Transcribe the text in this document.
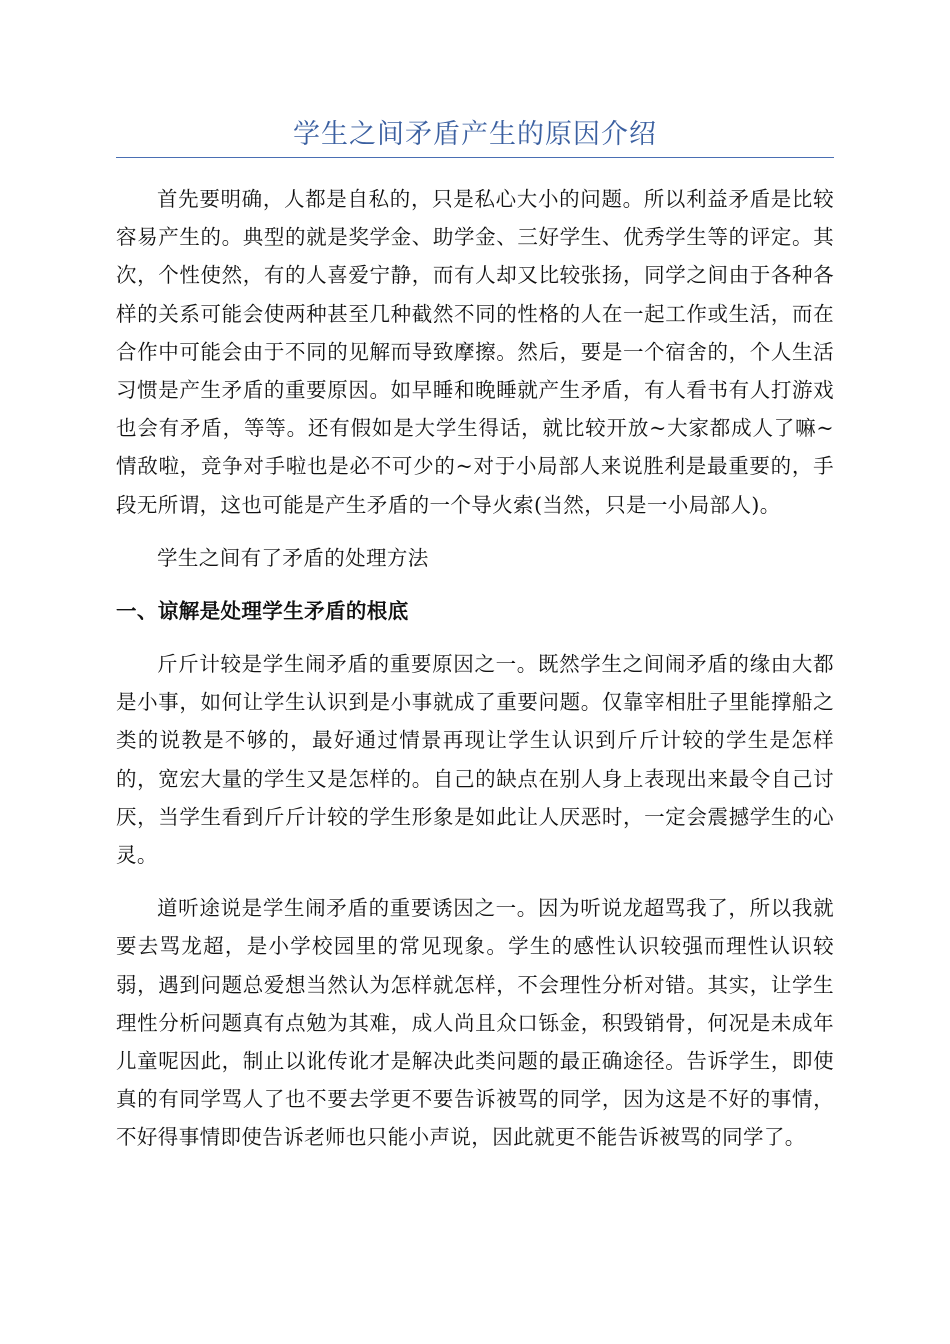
学生之间矛盾产生的原因介绍

首先要明确，人都是自私的，只是私心大小的问题。所以利益矛盾是比较容易产生的。典型的就是奖学金、助学金、三好学生、优秀学生等的评定。其次，个性使然，有的人喜爱宁静，而有人却又比较张扬，同学之间由于各种各样的关系可能会使两种甚至几种截然不同的性格的人在一起工作或生活，而在合作中可能会由于不同的见解而导致摩擦。然后，要是一个宿舍的，个人生活习惯是产生矛盾的重要原因。如早睡和晚睡就产生矛盾，有人看书有人打游戏也会有矛盾，等等。还有假如是大学生得话，就比较开放~大家都成人了嘛~情敌啦，竞争对手啦也是必不可少的~对于小局部人来说胜利是最重要的，手段无所谓，这也可能是产生矛盾的一个导火索(当然，只是一小局部人)。

学生之间有了矛盾的处理方法

一、谅解是处理学生矛盾的根底

斤斤计较是学生闹矛盾的重要原因之一。既然学生之间闹矛盾的缘由大都是小事，如何让学生认识到是小事就成了重要问题。仅靠宰相肚子里能撑船之类的说教是不够的，最好通过情景再现让学生认识到斤斤计较的学生是怎样的，宽宏大量的学生又是怎样的。自己的缺点在别人身上表现出来最令自己讨厌，当学生看到斤斤计较的学生形象是如此让人厌恶时，一定会震撼学生的心灵。

道听途说是学生闹矛盾的重要诱因之一。因为听说龙超骂我了，所以我就要去骂龙超，是小学校园里的常见现象。学生的感性认识较强而理性认识较弱，遇到问题总爱想当然认为怎样就怎样，不会理性分析对错。其实，让学生理性分析问题真有点勉为其难，成人尚且众口铄金，积毁销骨，何况是未成年儿童呢因此，制止以讹传讹才是解决此类问题的最正确途径。告诉学生，即使真的有同学骂人了也不要去学更不要告诉被骂的同学，因为这是不好的事情，不好得事情即使告诉老师也只能小声说，因此就更不能告诉被骂的同学了。
